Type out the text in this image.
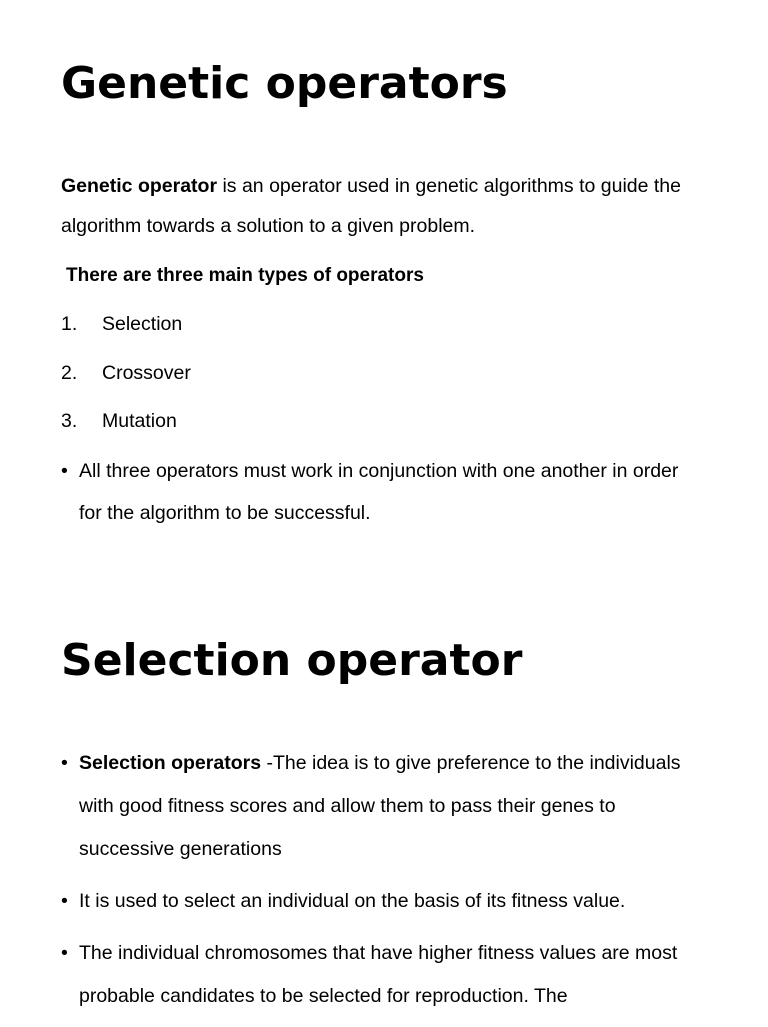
Genetic operators

Genetic operator is an operator used in genetic algorithms to guide the algorithm towards a solution to a given problem.

There are three main types of operators

1. Selection
2. Crossover
3. Mutation
• All three operators must work in conjunction with one another in order for the algorithm to be successful.
Selection operator
• Selection operators -The idea is to give preference to the individuals with good fitness scores and allow them to pass their genes to successive generations
• It is used to select an individual on the basis of its fitness value.
• The individual chromosomes that have higher fitness values are most probable candidates to be selected for reproduction. The
